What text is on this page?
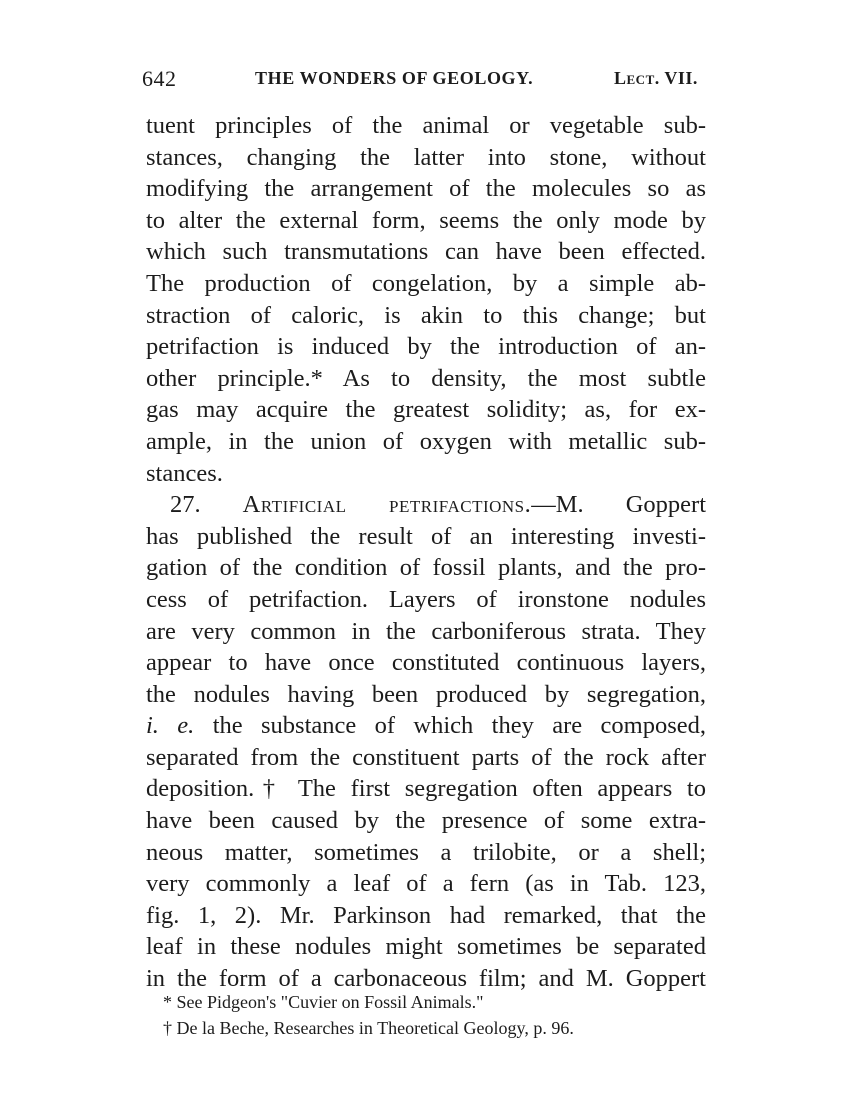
642	THE WONDERS OF GEOLOGY.	Lect. VII.
tuent principles of the animal or vegetable sub-
stances, changing the latter into stone, without
modifying the arrangement of the molecules so as
to alter the external form, seems the only mode by
which such transmutations can have been effected.
The production of congelation, by a simple ab-
straction of caloric, is akin to this change; but
petrifaction is induced by the introduction of an-
other principle.* As to density, the most subtle
gas may acquire the greatest solidity; as, for ex-
ample, in the union of oxygen with metallic sub-
stances.
27. Artificial petrifactions.—M. Goppert
has published the result of an interesting investi-
gation of the condition of fossil plants, and the pro-
cess of petrifaction. Layers of ironstone nodules
are very common in the carboniferous strata. They
appear to have once constituted continuous layers,
the nodules having been produced by segregation,
i. e. the substance of which they are composed,
separated from the constituent parts of the rock after
deposition.† The first segregation often appears to
have been caused by the presence of some extra-
neous matter, sometimes a trilobite, or a shell;
very commonly a leaf of a fern (as in Tab. 123,
fig. 1, 2). Mr. Parkinson had remarked, that the
leaf in these nodules might sometimes be separated
in the form of a carbonaceous film; and M. Goppert
* See Pidgeon's "Cuvier on Fossil Animals."
† De la Beche, Researches in Theoretical Geology, p. 96.
